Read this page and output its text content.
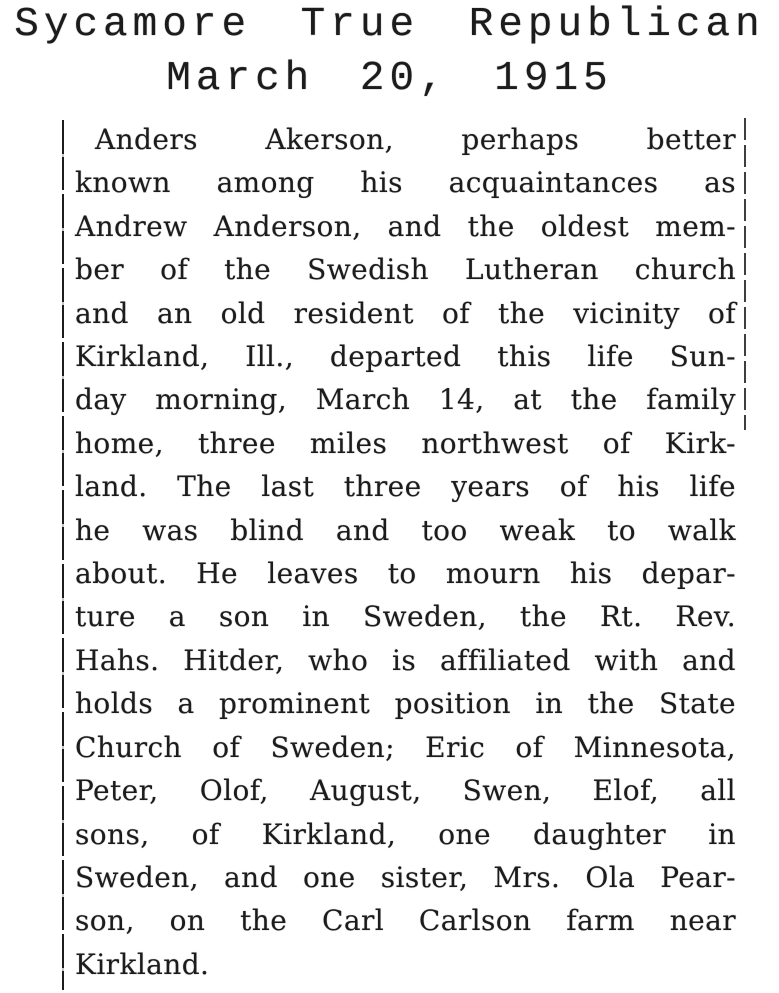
Sycamore True Republican
March 20, 1915
Anders Akerson, perhaps better
known among his acquaintances as
Andrew Anderson, and the oldest mem-
ber of the Swedish Lutheran church
and an old resident of the vicinity of
Kirkland, Ill., departed this life Sun-
day morning, March 14, at the family
home, three miles northwest of Kirk-
land. The last three years of his life
he was blind and too weak to walk
about. He leaves to mourn his depar-
ture a son in Sweden, the Rt. Rev.
Hahs. Hitder, who is affiliated with and
holds a prominent position in the State
Church of Sweden; Eric of Minnesota,
Peter, Olof, August, Swen, Elof, all
sons, of Kirkland, one daughter in
Sweden, and one sister, Mrs. Ola Pear-
son, on the Carl Carlson farm near
Kirkland.
